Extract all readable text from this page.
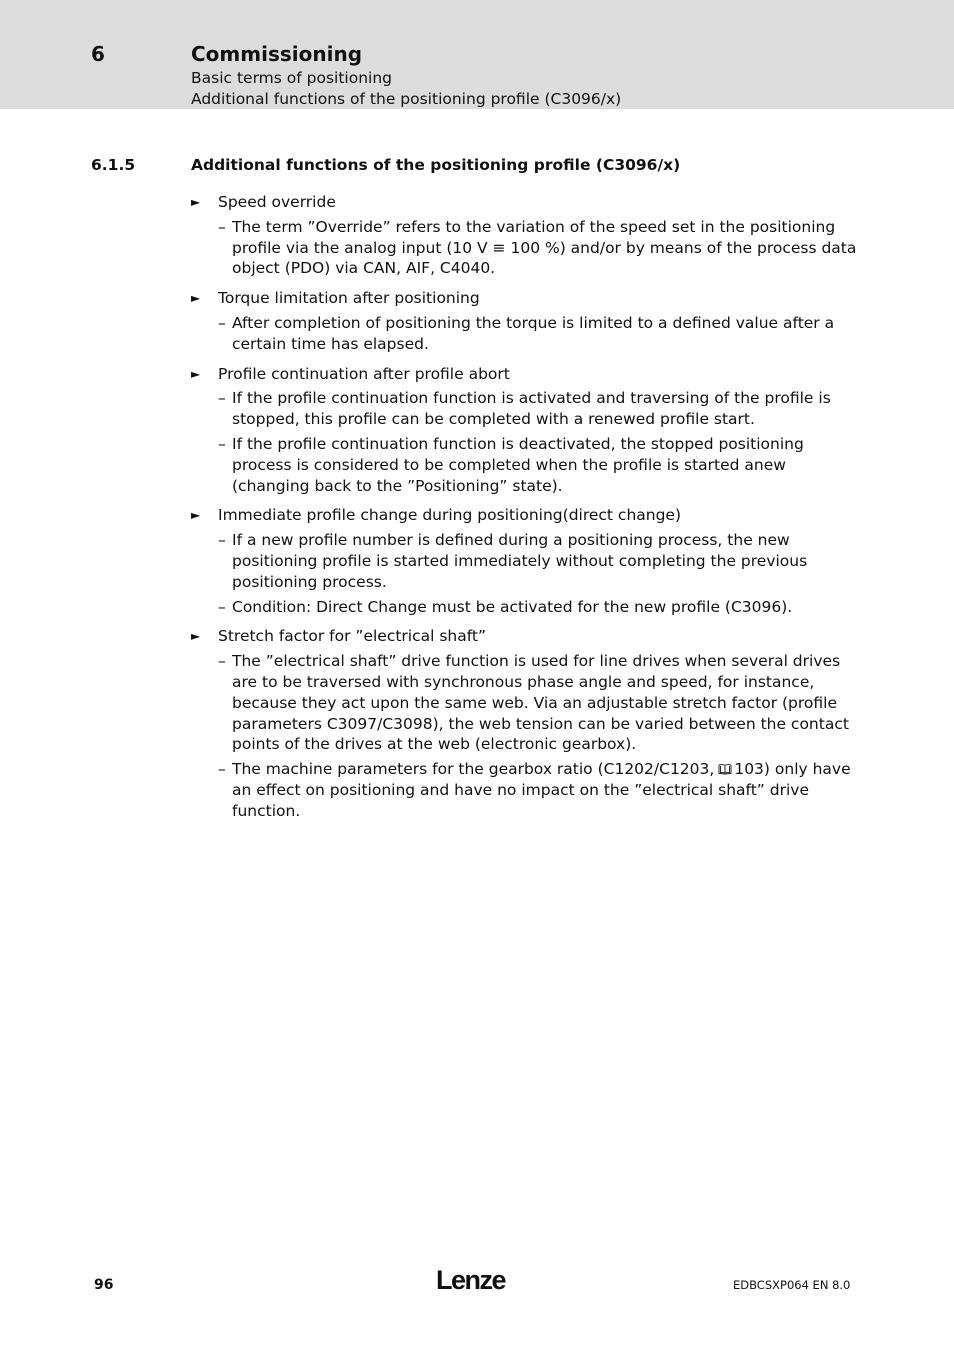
6	Commissioning
Basic terms of positioning
Additional functions of the positioning profile (C3096/x)
6.1.5	Additional functions of the positioning profile (C3096/x)
►	Speed override
– The term ”Override” refers to the variation of the speed set in the positioning profile via the analog input (10 V ≡ 100 %) and/or by means of the process data object (PDO) via CAN, AIF, C4040.
►	Torque limitation after positioning
– After completion of positioning the torque is limited to a defined value after a certain time has elapsed.
►	Profile continuation after profile abort
– If the profile continuation function is activated and traversing of the profile is stopped, this profile can be completed with a renewed profile start.
– If the profile continuation function is deactivated, the stopped positioning process is considered to be completed when the profile is started anew (changing back to the ”Positioning” state).
►	Immediate profile change during positioning(direct change)
– If a new profile number is defined during a positioning process, the new positioning profile is started immediately without completing the previous positioning process.
– Condition: Direct Change must be activated for the new profile (C3096).
►	Stretch factor for ”electrical shaft”
– The ”electrical shaft” drive function is used for line drives when several drives are to be traversed with synchronous phase angle and speed, for instance, because they act upon the same web. Via an adjustable stretch factor (profile parameters C3097/C3098), the web tension can be varied between the contact points of the drives at the web (electronic gearbox).
– The machine parameters for the gearbox ratio (C1202/C1203, 103) only have an effect on positioning and have no impact on the ”electrical shaft” drive function.
96	Lenze	EDBCSXP064 EN 8.0
